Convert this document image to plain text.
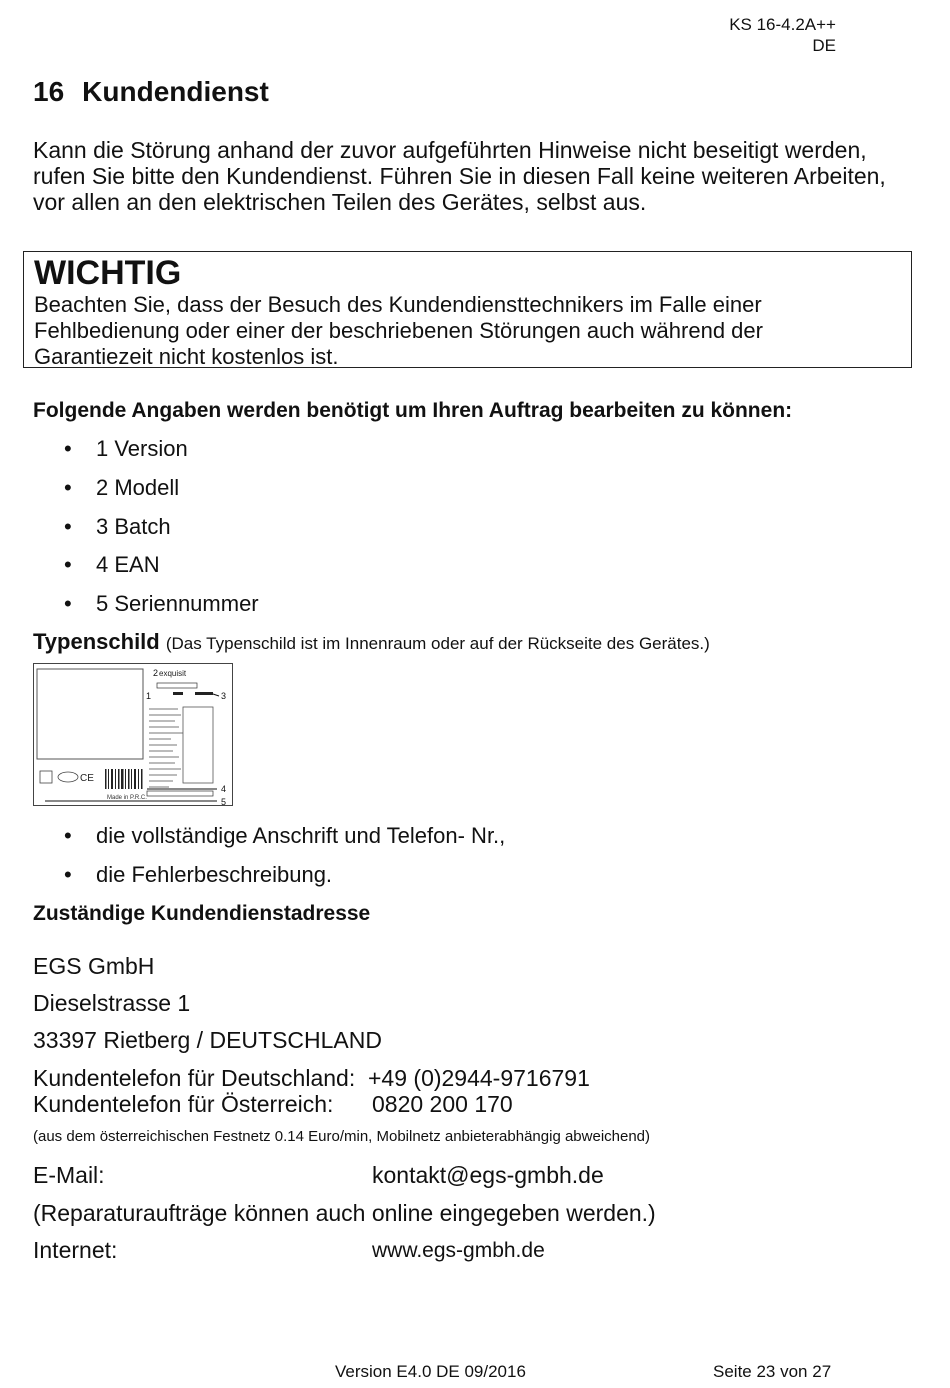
KS 16-4.2A++
DE
16 Kundendienst
Kann die Störung anhand der zuvor aufgeführten Hinweise nicht beseitigt werden,
rufen Sie bitte den Kundendienst. Führen Sie in diesen Fall keine weiteren Arbeiten,
vor allen an den elektrischen Teilen des Gerätes, selbst aus.
WICHTIG
Beachten Sie, dass der Besuch des Kundendiensttechnikers im Falle einer
Fehlbedienung oder einer der beschriebenen Störungen auch während der
Garantiezeit nicht kostenlos ist.
Folgende Angaben werden benötigt um Ihren Auftrag bearbeiten zu können:
• 1 Version
• 2 Modell
• 3 Batch
• 4 EAN
• 5 Seriennummer
Typenschild (Das Typenschild ist im Innenraum oder auf der Rückseite des Gerätes.)
exquisit
2
1	3
CE
Made in P.R.C.
4
5
• die vollständige Anschrift und Telefon- Nr.,
• die Fehlerbeschreibung.
Zuständige Kundendienstadresse
EGS GmbH
Dieselstrasse 1
33397 Rietberg / DEUTSCHLAND
Kundentelefon für Deutschland: +49 (0)2944-9716791
Kundentelefon für Österreich: 0820 200 170
(aus dem österreichischen Festnetz 0.14 Euro/min, Mobilnetz anbieterabhängig abweichend)
E-Mail:	kontakt@egs-gmbh.de
(Reparaturaufträge können auch online eingegeben werden.)
Internet:	www.egs-gmbh.de
Version E4.0 DE 09/2016	Seite 23 von 27
